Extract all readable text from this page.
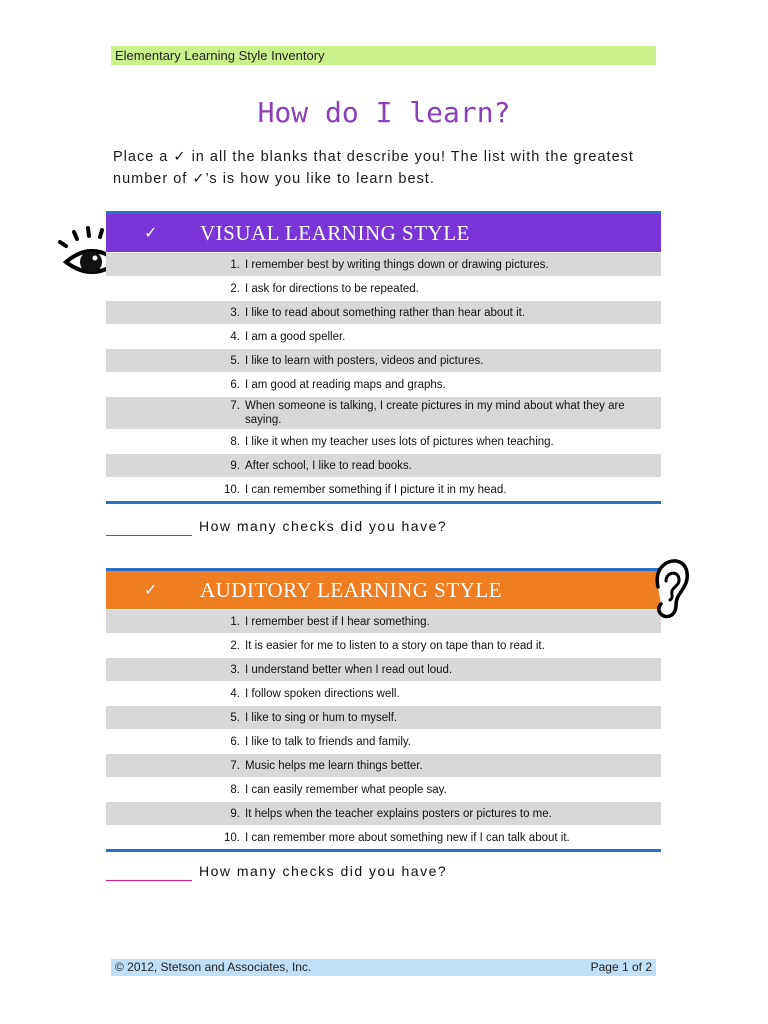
Elementary Learning Style Inventory
How do I learn?
Place a ✓ in all the blanks that describe you! The list with the greatest number of ✓’s is how you like to learn best.
✓ VISUAL LEARNING STYLE
1. I remember best by writing things down or drawing pictures.
2. I ask for directions to be repeated.
3. I like to read about something rather than hear about it.
4. I am a good speller.
5. I like to learn with posters, videos and pictures.
6. I am good at reading maps and graphs.
7. When someone is talking, I create pictures in my mind about what they are saying.
8. I like it when my teacher uses lots of pictures when teaching.
9. After school, I like to read books.
10. I can remember something if I picture it in my head.
How many checks did you have?
✓ AUDITORY LEARNING STYLE
1. I remember best if I hear something.
2. It is easier for me to listen to a story on tape than to read it.
3. I understand better when I read out loud.
4. I follow spoken directions well.
5. I like to sing or hum to myself.
6. I like to talk to friends and family.
7. Music helps me learn things better.
8. I can easily remember what people say.
9. It helps when the teacher explains posters or pictures to me.
10. I can remember more about something new if I can talk about it.
How many checks did you have?
© 2012, Stetson and Associates, Inc.	Page 1 of 2
